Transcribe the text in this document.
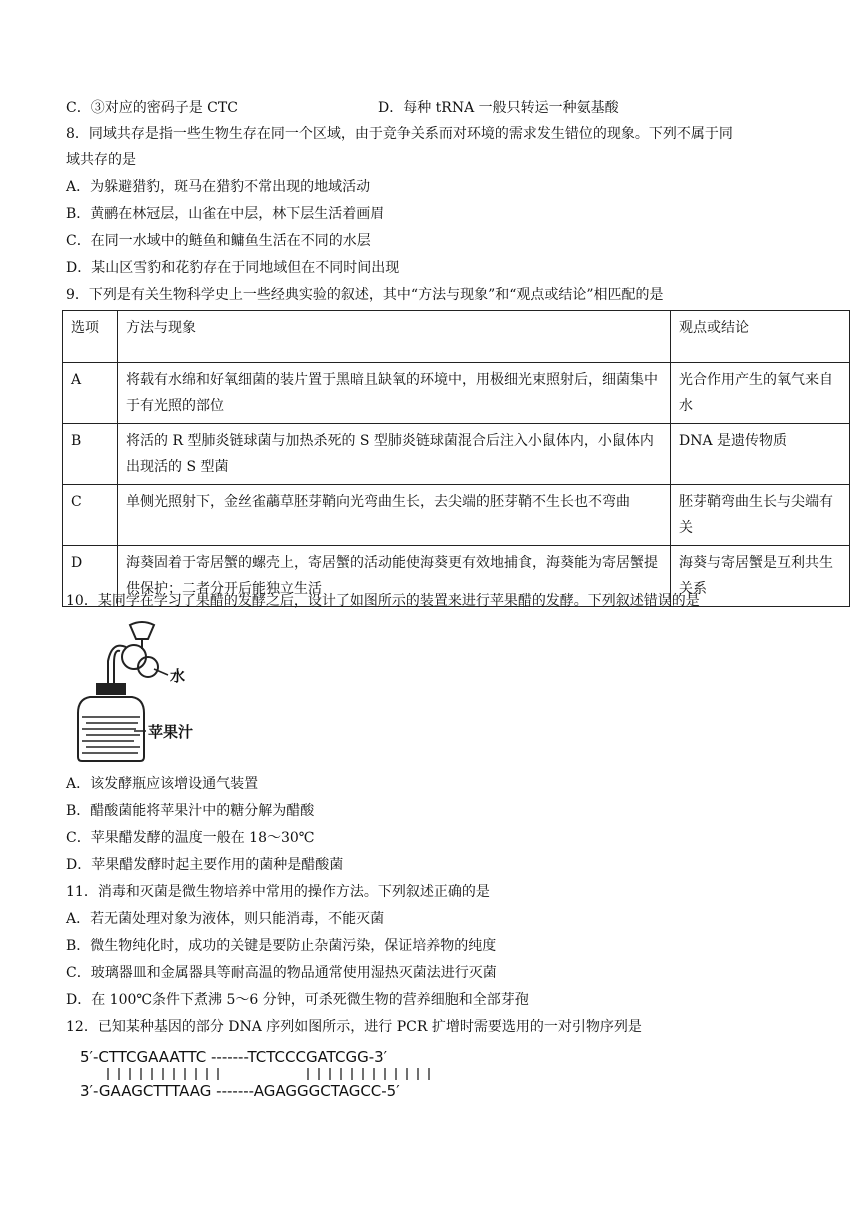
C．③对应的密码子是 CTC	D．每种 tRNA 一般只转运一种氨基酸
8．同域共存是指一些生物生存在同一个区域，由于竞争关系而对环境的需求发生错位的现象。下列不属于同
域共存的是
A．为躲避猎豹，斑马在猎豹不常出现的地域活动
B．黄鹂在林冠层，山雀在中层，林下层生活着画眉
C．在同一水域中的鲢鱼和鳙鱼生活在不同的水层
D．某山区雪豹和花豹存在于同地域但在不同时间出现
9．下列是有关生物科学史上一些经典实验的叙述，其中“方法与现象”和“观点或结论”相匹配的是
选项	方法与现象	观点或结论
A	将载有水绵和好氧细菌的装片置于黑暗且缺氧的环境中，用极细光束照射后，细菌集中于有光照的部位	光合作用产生的氧气来自水
B	将活的 R 型肺炎链球菌与加热杀死的 S 型肺炎链球菌混合后注入小鼠体内，小鼠体内出现活的 S 型菌	DNA 是遗传物质
C	单侧光照射下，金丝雀虉草胚芽鞘向光弯曲生长，去尖端的胚芽鞘不生长也不弯曲	胚芽鞘弯曲生长与尖端有关
D	海葵固着于寄居蟹的螺壳上，寄居蟹的活动能使海葵更有效地捕食，海葵能为寄居蟹提供保护；二者分开后能独立生活	海葵与寄居蟹是互利共生关系
10．某同学在学习了果醋的发酵之后，设计了如图所示的装置来进行苹果醋的发酵。下列叙述错误的是
水
苹果汁
A．该发酵瓶应该增设通气装置
B．醋酸菌能将苹果汁中的糖分解为醋酸
C．苹果醋发酵的温度一般在 18～30℃
D．苹果醋发酵时起主要作用的菌种是醋酸菌
11．消毒和灭菌是微生物培养中常用的操作方法。下列叙述正确的是
A．若无菌处理对象为液体，则只能消毒，不能灭菌
B．微生物纯化时，成功的关键是要防止杂菌污染，保证培养物的纯度
C．玻璃器皿和金属器具等耐高温的物品通常使用湿热灭菌法进行灭菌
D．在 100℃条件下煮沸 5～6 分钟，可杀死微生物的营养细胞和全部芽孢
12．已知某种基因的部分 DNA 序列如图所示，进行 PCR 扩增时需要选用的一对引物序列是
5′-CTTCGAAATTC -------TCTCCCGATCGG-3′
3′-GAAGCTTTAAG -------AGAGGGCTAGCC-5′
